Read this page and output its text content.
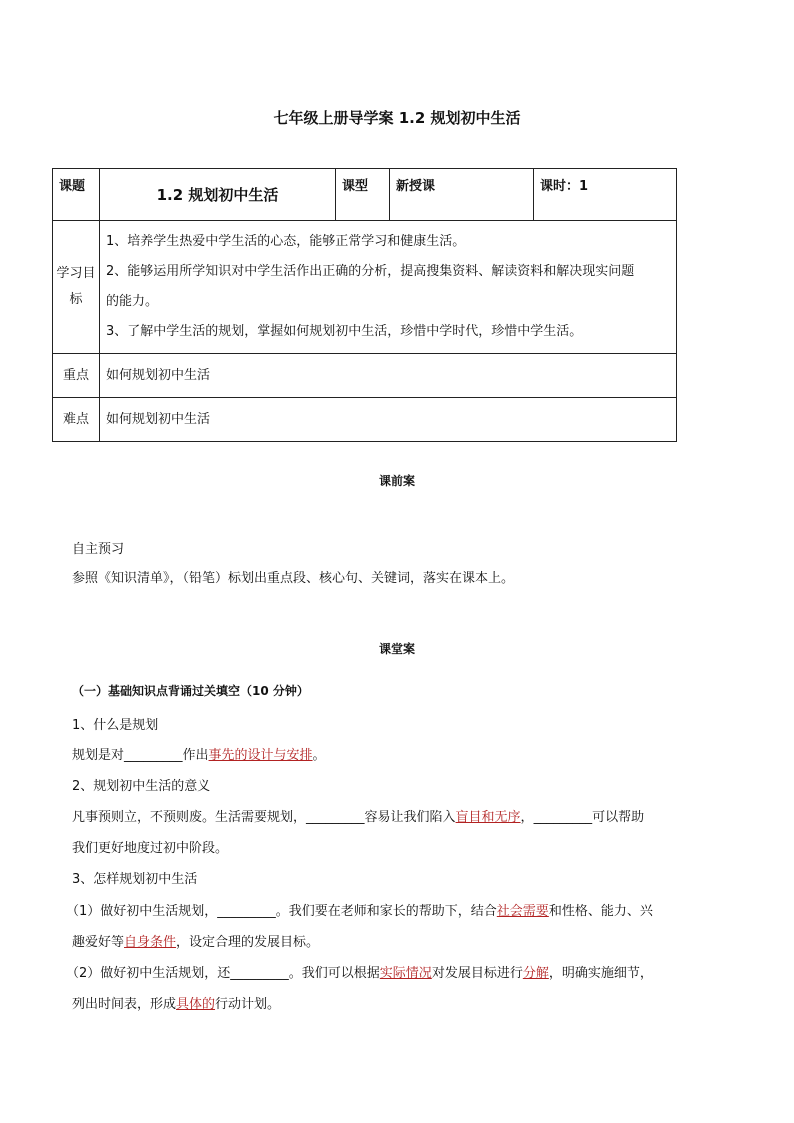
七年级上册导学案 1.2 规划初中生活
课题	1.2 规划初中生活	课型	新授课	课时：1
学习目标	1、培养学生热爱中学生活的心态，能够正常学习和健康生活。

2、能够运用所学知识对中学生活作出正确的分析，提高搜集资料、解读资料和解决现实问题

的能力。

3、了解中学生活的规划，掌握如何规划初中生活，珍惜中学时代，珍惜中学生活。			

重点	如何规划初中生活			
难点	如何规划初中生活			
课前案
自主预习
参照《知识清单》，（铅笔）标划出重点段、核心句、关键词，落实在课本上。
课堂案
（一）基础知识点背诵过关填空（10 分钟）
1、什么是规划
规划是对_________作出事先的设计与安排。
2、规划初中生活的意义
凡事预则立，不预则废。生活需要规划，_________容易让我们陷入盲目和无序，_________可以帮助
我们更好地度过初中阶段。
3、怎样规划初中生活
（1）做好初中生活规划，_________。我们要在老师和家长的帮助下，结合社会需要和性格、能力、兴
趣爱好等自身条件，设定合理的发展目标。
（2）做好初中生活规划，还_________。我们可以根据实际情况对发展目标进行分解，明确实施细节，
列出时间表，形成具体的行动计划。
